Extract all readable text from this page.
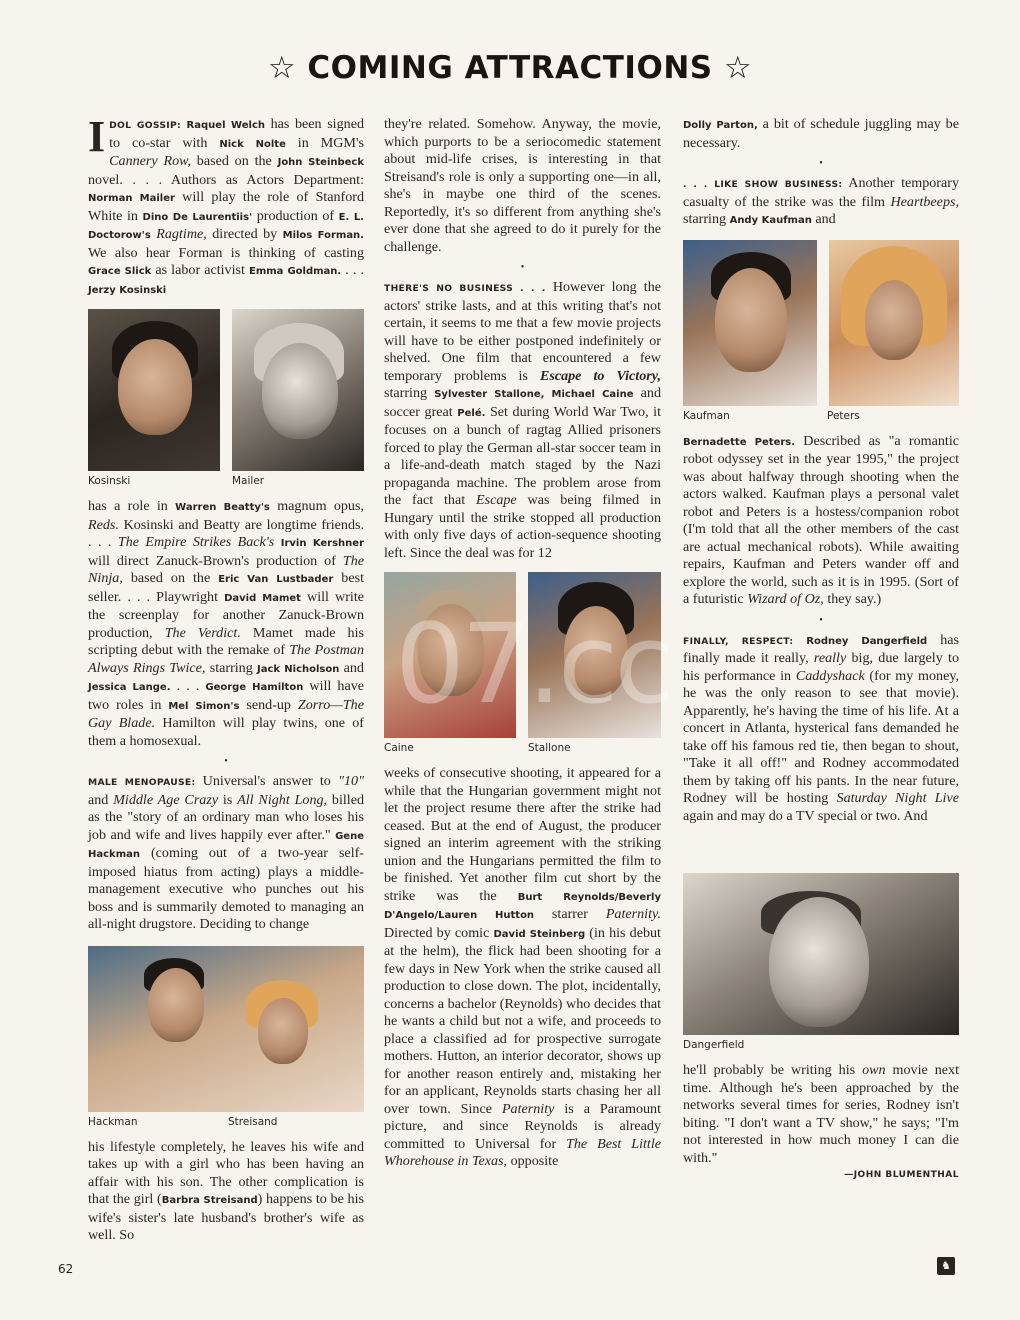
☆ COMING ATTRACTIONS ☆

IDOL GOSSIP: Raquel Welch has been signed to co-star with Nick Nolte in MGM's Cannery Row, based on the John Steinbeck novel. . . . Authors as Actors Department: Norman Mailer will play the role of Stanford White in Dino De Laurentiis' production of E. L. Doctorow's Ragtime, directed by Milos Forman. We also hear Forman is thinking of casting Grace Slick as labor activist Emma Goldman. . . . Jerzy Kosinski

Kosinski	Mailer

has a role in Warren Beatty's magnum opus, Reds. Kosinski and Beatty are longtime friends. . . . The Empire Strikes Back's Irvin Kershner will direct Zanuck-Brown's production of The Ninja, based on the Eric Van Lustbader best seller. . . . Playwright David Mamet will write the screenplay for another Zanuck-Brown production, The Verdict. Mamet made his scripting debut with the remake of The Postman Always Rings Twice, starring Jack Nicholson and Jessica Lange. . . . George Hamilton will have two roles in Mel Simon's send-up Zorro—The Gay Blade. Hamilton will play twins, one of them a homosexual.

•

MALE MENOPAUSE: Universal's answer to "10" and Middle Age Crazy is All Night Long, billed as the "story of an ordinary man who loses his job and wife and lives happily ever after." Gene Hackman (coming out of a two-year self-imposed hiatus from acting) plays a middle-management executive who punches out his boss and is summarily demoted to managing an all-night drugstore. Deciding to change

Hackman	Streisand

his lifestyle completely, he leaves his wife and takes up with a girl who has been having an affair with his son. The other complication is that the girl (Barbra Streisand) happens to be his wife's sister's late husband's brother's wife as well. So

they're related. Somehow. Anyway, the movie, which purports to be a seriocomedic statement about mid-life crises, is interesting in that Streisand's role is only a supporting one—in all, she's in maybe one third of the scenes. Reportedly, it's so different from anything she's ever done that she agreed to do it purely for the challenge.

•

THERE'S NO BUSINESS . . . However long the actors' strike lasts, and at this writing that's not certain, it seems to me that a few movie projects will have to be either postponed indefinitely or shelved. One film that encountered a few temporary problems is Escape to Victory, starring Sylvester Stallone, Michael Caine and soccer great Pelé. Set during World War Two, it focuses on a bunch of ragtag Allied prisoners forced to play the German all-star soccer team in a life-and-death match staged by the Nazi propaganda machine. The problem arose from the fact that Escape was being filmed in Hungary until the strike stopped all production with only five days of action-sequence shooting left. Since the deal was for 12

Caine	Stallone

weeks of consecutive shooting, it appeared for a while that the Hungarian government might not let the project resume there after the strike had ceased. But at the end of August, the producer signed an interim agreement with the striking union and the Hungarians permitted the film to be finished. Yet another film cut short by the strike was the Burt Reynolds/Beverly D'Angelo/Lauren Hutton starrer Paternity. Directed by comic David Steinberg (in his debut at the helm), the flick had been shooting for a few days in New York when the strike caused all production to close down. The plot, incidentally, concerns a bachelor (Reynolds) who decides that he wants a child but not a wife, and proceeds to place a classified ad for prospective surrogate mothers. Hutton, an interior decorator, shows up for another reason entirely and, mistaking her for an applicant, Reynolds starts chasing her all over town. Since Paternity is a Paramount picture, and since Reynolds is already committed to Universal for The Best Little Whorehouse in Texas, opposite

Dolly Parton, a bit of schedule juggling may be necessary.

•

. . . LIKE SHOW BUSINESS: Another temporary casualty of the strike was the film Heartbeeps, starring Andy Kaufman and

Kaufman	Peters

Bernadette Peters. Described as "a romantic robot odyssey set in the year 1995," the project was about halfway through shooting when the actors walked. Kaufman plays a personal valet robot and Peters is a hostess/companion robot (I'm told that all the other members of the cast are actual mechanical robots). While awaiting repairs, Kaufman and Peters wander off and explore the world, such as it is in 1995. (Sort of a futuristic Wizard of Oz, they say.)

•

FINALLY, RESPECT: Rodney Dangerfield has finally made it really, really big, due largely to his performance in Caddyshack (for my money, he was the only reason to see that movie). Apparently, he's having the time of his life. At a concert in Atlanta, hysterical fans demanded he take off his famous red tie, then began to shout, "Take it all off!" and Rodney accommodated them by taking off his pants. In the near future, Rodney will be hosting Saturday Night Live again and may do a TV special or two. And

Dangerfield

he'll probably be writing his own movie next time. Although he's been approached by the networks several times for series, Rodney isn't biting. "I don't want a TV show," he says; "I'm not interested in how much money I can die with."

—JOHN BLUMENTHAL
07.cc
62	♞
